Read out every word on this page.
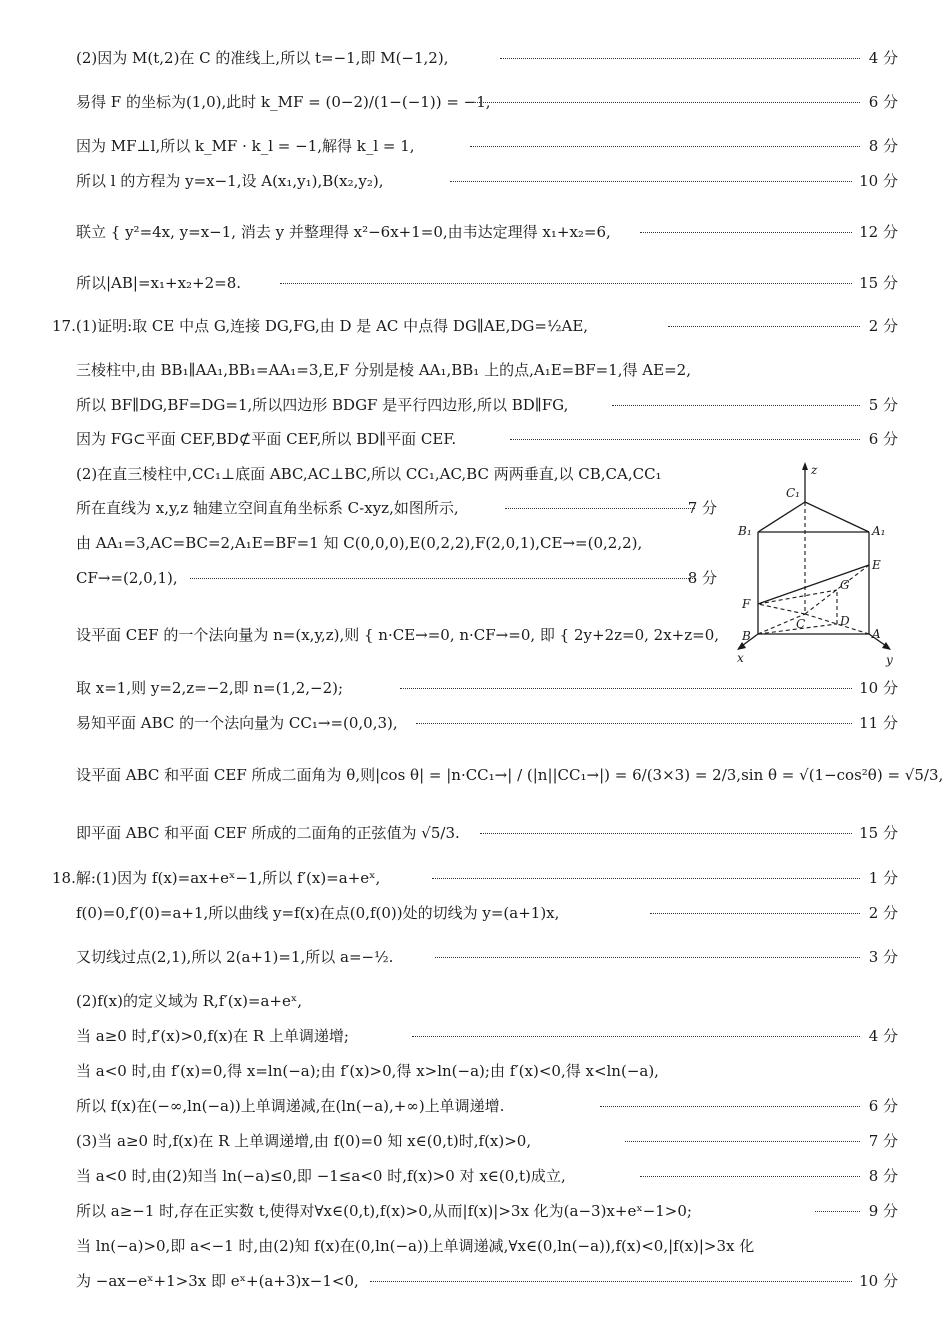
(2)因为 M(t,2)在 C 的准线上,所以 t=−1,即 M(−1,2),	4 分
易得 F 的坐标为(1,0),此时 k_MF = (0−2)/(1−(−1)) = −1,	6 分
因为 MF⊥l,所以 k_MF · k_l = −1,解得 k_l = 1,	8 分
所以 l 的方程为 y=x−1,设 A(x₁,y₁),B(x₂,y₂),	10 分
联立 { y²=4x, y=x−1, 消去 y 并整理得 x²−6x+1=0,由韦达定理得 x₁+x₂=6,	12 分
所以|AB|=x₁+x₂+2=8.	15 分
17.(1)证明:取 CE 中点 G,连接 DG,FG,由 D 是 AC 中点得 DG∥AE,DG=½AE,	2 分
三棱柱中,由 BB₁∥AA₁,BB₁=AA₁=3,E,F 分别是棱 AA₁,BB₁ 上的点,A₁E=BF=1,得 AE=2,
所以 BF∥DG,BF=DG=1,所以四边形 BDGF 是平行四边形,所以 BD∥FG,	5 分
因为 FG⊂平面 CEF,BD⊄平面 CEF,所以 BD∥平面 CEF.	6 分
(2)在直三棱柱中,CC₁⊥底面 ABC,AC⊥BC,所以 CC₁,AC,BC 两两垂直,以 CB,CA,CC₁
所在直线为 x,y,z 轴建立空间直角坐标系 C-xyz,如图所示,	7 分
由 AA₁=3,AC=BC=2,A₁E=BF=1 知 C(0,0,0),E(0,2,2),F(2,0,1),CE→=(0,2,2),
CF→=(2,0,1),	8 分
设平面 CEF 的一个法向量为 n=(x,y,z),则 { n·CE→=0, n·CF→=0, 即 { 2y+2z=0, 2x+z=0,
取 x=1,则 y=2,z=−2,即 n=(1,2,−2);	10 分
易知平面 ABC 的一个法向量为 CC₁→=(0,0,3),	11 分
设平面 ABC 和平面 CEF 所成二面角为 θ,则|cos θ| = |n·CC₁→| / (|n||CC₁→|) = 6/(3×3) = 2/3,sin θ = √(1−cos²θ) = √5/3,
即平面 ABC 和平面 CEF 所成的二面角的正弦值为 √5/3.	15 分
18.解:(1)因为 f(x)=ax+eˣ−1,所以 f′(x)=a+eˣ,	1 分
f(0)=0,f′(0)=a+1,所以曲线 y=f(x)在点(0,f(0))处的切线为 y=(a+1)x,	2 分
又切线过点(2,1),所以 2(a+1)=1,所以 a=−½.	3 分
(2)f(x)的定义域为 R,f′(x)=a+eˣ,
当 a≥0 时,f′(x)>0,f(x)在 R 上单调递增;	4 分
当 a<0 时,由 f′(x)=0,得 x=ln(−a);由 f′(x)>0,得 x>ln(−a);由 f′(x)<0,得 x<ln(−a),
所以 f(x)在(−∞,ln(−a))上单调递减,在(ln(−a),+∞)上单调递增.	6 分
(3)当 a≥0 时,f(x)在 R 上单调递增,由 f(0)=0 知 x∈(0,t)时,f(x)>0,	7 分
当 a<0 时,由(2)知当 ln(−a)≤0,即 −1≤a<0 时,f(x)>0 对 x∈(0,t)成立,	8 分
所以 a≥−1 时,存在正实数 t,使得对∀x∈(0,t),f(x)>0,从而|f(x)|>3x 化为(a−3)x+eˣ−1>0;	9 分
当 ln(−a)>0,即 a<−1 时,由(2)知 f(x)在(0,ln(−a))上单调递减,∀x∈(0,ln(−a)),f(x)<0,|f(x)|>3x 化
为 −ax−eˣ+1>3x 即 eˣ+(a+3)x−1<0,	10 分
z
C₁
B₁	A₁
E
F
G
C	D
B	A
x	y
